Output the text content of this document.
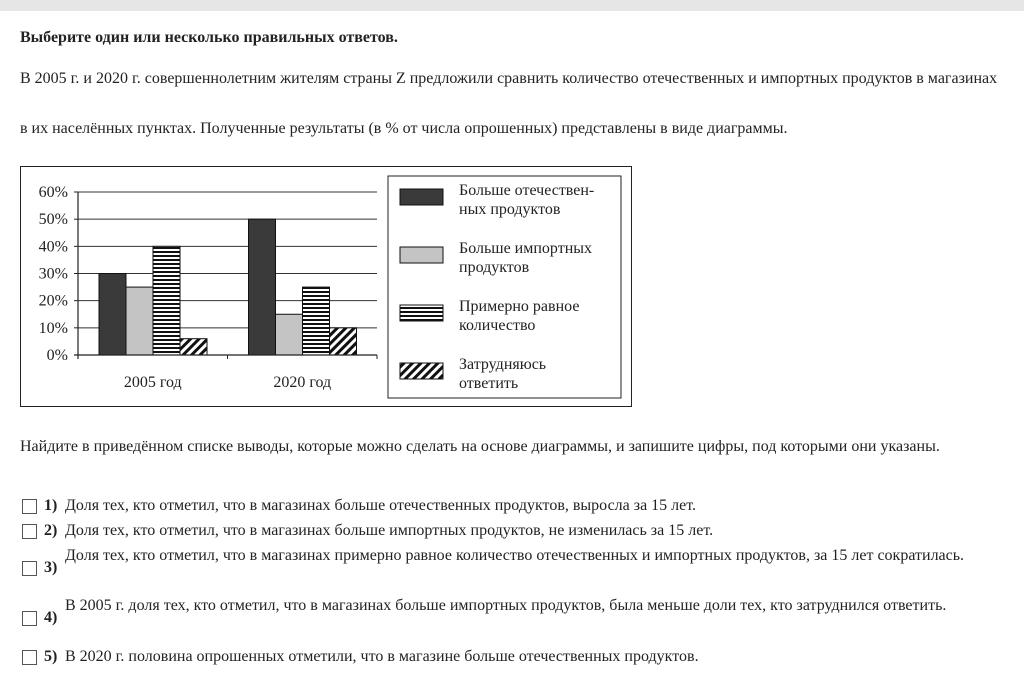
Выберите один или несколько правильных ответов.
В 2005 г. и 2020 г. совершеннолетним жителям страны Z предложили сравнить количество отечественных и импортных продуктов в магазинах
в их населённых пунктах. Полученные результаты (в % от числа опрошенных) представлены в виде диаграммы.
60%
50%
40%
30%
20%
10%
0%
2005 год	2020 год
Больше отечествен-
ных продуктов
Больше импортных
продуктов
Примерно равное
количество
Затрудняюсь
ответить
Найдите в приведённом списке выводы, которые можно сделать на основе диаграммы, и запишите цифры, под которыми они указаны.
1) Доля тех, кто отметил, что в магазинах больше отечественных продуктов, выросла за 15 лет.
2) Доля тех, кто отметил, что в магазинах больше импортных продуктов, не изменилась за 15 лет.
3)
Доля тех, кто отметил, что в магазинах примерно равное количество отечественных и импортных продуктов, за 15 лет сократилась.
4)
В 2005 г. доля тех, кто отметил, что в магазинах больше импортных продуктов, была меньше доли тех, кто затруднился ответить.
5) В 2020 г. половина опрошенных отметили, что в магазине больше отечественных продуктов.
